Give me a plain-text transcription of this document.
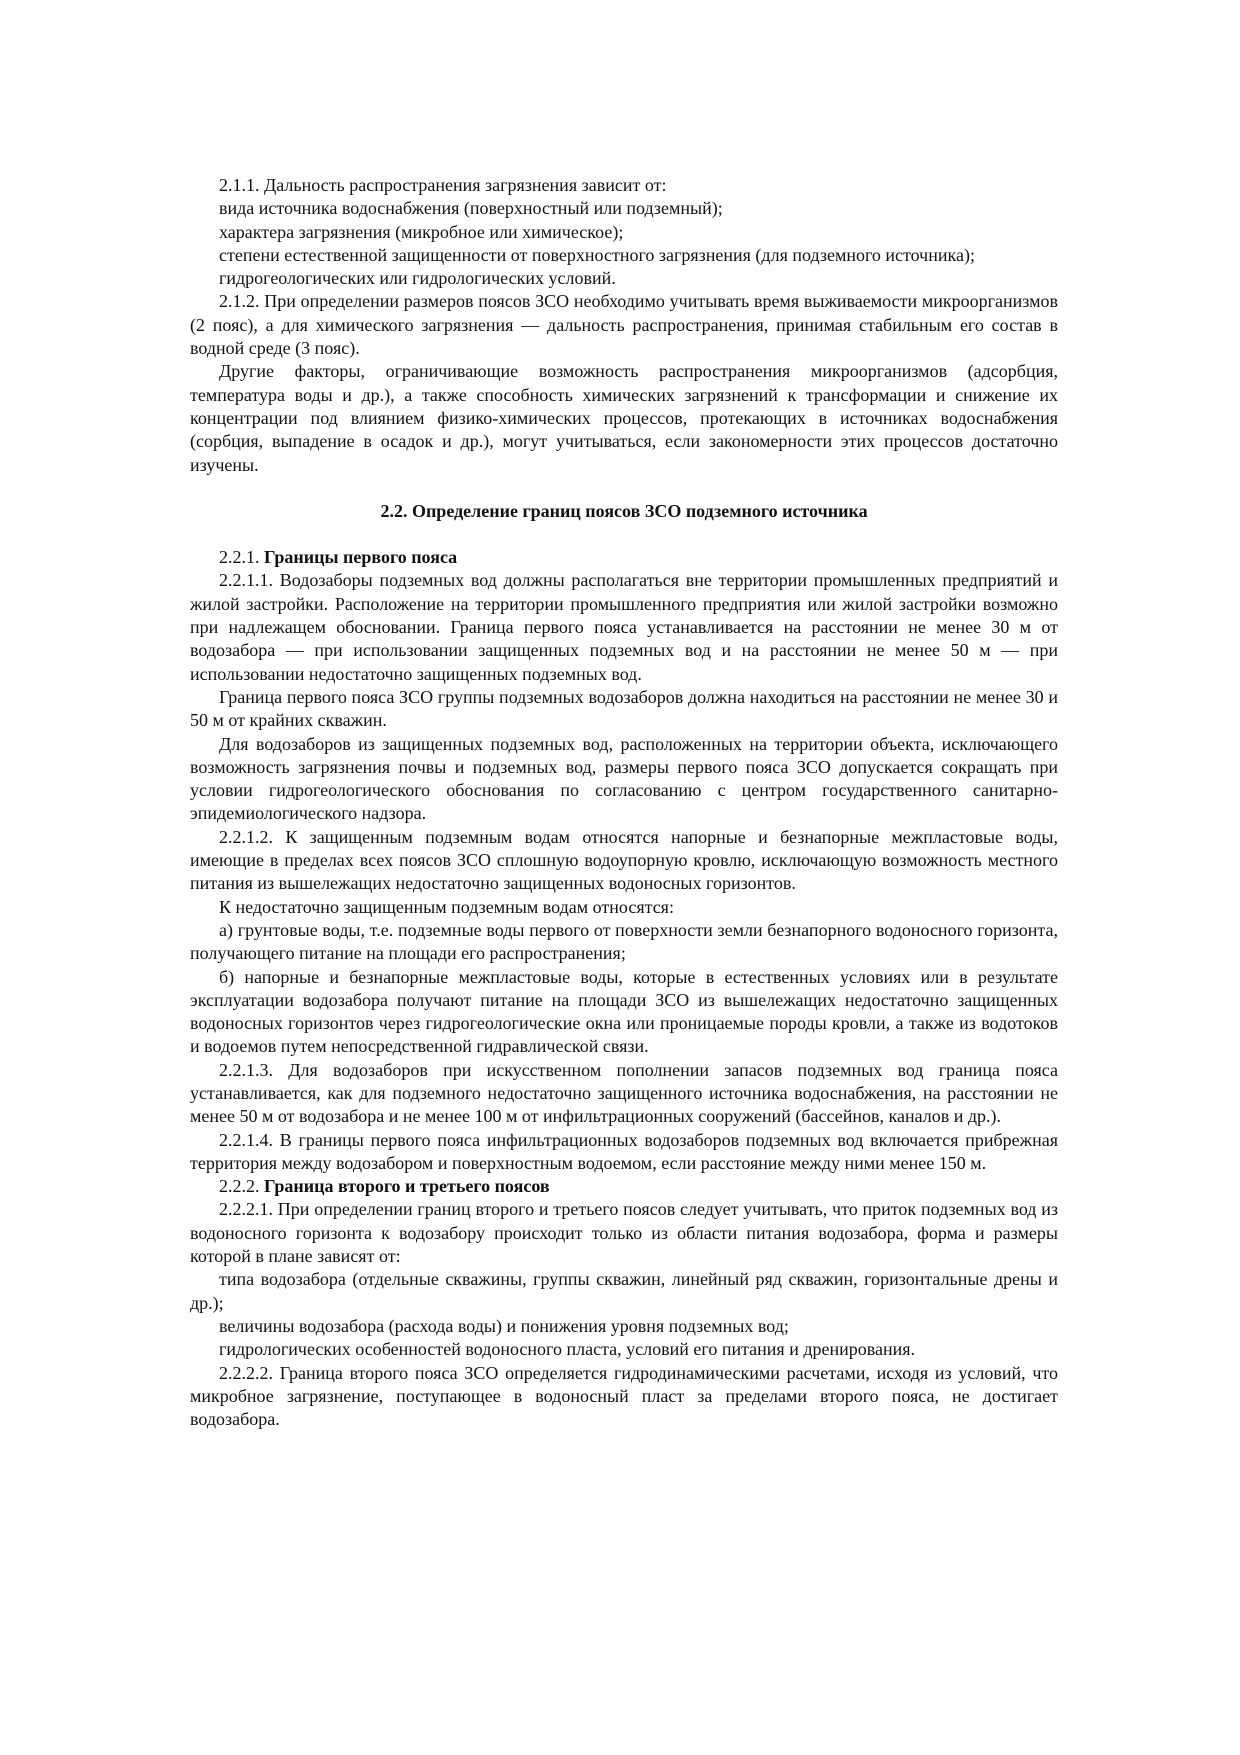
2.1.1. Дальность распространения загрязнения зависит от:

вида источника водоснабжения (поверхностный или подземный);

характера загрязнения (микробное или химическое);

степени естественной защищенности от поверхностного загрязнения (для подземного источника);

гидрогеологических или гидрологических условий.

2.1.2. При определении размеров поясов ЗСО необходимо учитывать время выживаемости микроорганизмов (2 пояс), а для химического загрязнения — дальность распространения, принимая стабильным его состав в водной среде (3 пояс).

Другие факторы, ограничивающие возможность распространения микроорганизмов (адсорбция, температура воды и др.), а также способность химических загрязнений к трансформации и снижение их концентрации под влиянием физико-химических процессов, протекающих в источниках водоснабжения (сорбция, выпадение в осадок и др.), могут учитываться, если закономерности этих процессов достаточно изучены.

2.2. Определение границ поясов ЗСО подземного источника

2.2.1. Границы первого пояса

2.2.1.1. Водозаборы подземных вод должны располагаться вне территории промышленных предприятий и жилой застройки. Расположение на территории промышленного предприятия или жилой застройки возможно при надлежащем обосновании. Граница первого пояса устанавливается на расстоянии не менее 30 м от водозабора — при использовании защищенных подземных вод и на расстоянии не менее 50 м — при использовании недостаточно защищенных подземных вод.

Граница первого пояса ЗСО группы подземных водозаборов должна находиться на расстоянии не менее 30 и 50 м от крайних скважин.

Для водозаборов из защищенных подземных вод, расположенных на территории объекта, исключающего возможность загрязнения почвы и подземных вод, размеры первого пояса ЗСО допускается сокращать при условии гидрогеологического обоснования по согласованию с центром государственного санитарно-эпидемиологического надзора.

2.2.1.2. К защищенным подземным водам относятся напорные и безнапорные межпластовые воды, имеющие в пределах всех поясов ЗСО сплошную водоупорную кровлю, исключающую возможность местного питания из вышележащих недостаточно защищенных водоносных горизонтов.

К недостаточно защищенным подземным водам относятся:

а) грунтовые воды, т.е. подземные воды первого от поверхности земли безнапорного водоносного горизонта, получающего питание на площади его распространения;

б) напорные и безнапорные межпластовые воды, которые в естественных условиях или в результате эксплуатации водозабора получают питание на площади ЗСО из вышележащих недостаточно защищенных водоносных горизонтов через гидрогеологические окна или проницаемые породы кровли, а также из водотоков и водоемов путем непосредственной гидравлической связи.

2.2.1.3. Для водозаборов при искусственном пополнении запасов подземных вод граница пояса устанавливается, как для подземного недостаточно защищенного источника водоснабжения, на расстоянии не менее 50 м от водозабора и не менее 100 м от инфильтрационных сооружений (бассейнов, каналов и др.).

2.2.1.4. В границы первого пояса инфильтрационных водозаборов подземных вод включается прибрежная территория между водозабором и поверхностным водоемом, если расстояние между ними менее 150 м.

2.2.2. Граница второго и третьего поясов

2.2.2.1. При определении границ второго и третьего поясов следует учитывать, что приток подземных вод из водоносного горизонта к водозабору происходит только из области питания водозабора, форма и размеры которой в плане зависят от:

типа водозабора (отдельные скважины, группы скважин, линейный ряд скважин, горизонтальные дрены и др.);

величины водозабора (расхода воды) и понижения уровня подземных вод;

гидрологических особенностей водоносного пласта, условий его питания и дренирования.

2.2.2.2. Граница второго пояса ЗСО определяется гидродинамическими расчетами, исходя из условий, что микробное загрязнение, поступающее в водоносный пласт за пределами второго пояса, не достигает водозабора.
